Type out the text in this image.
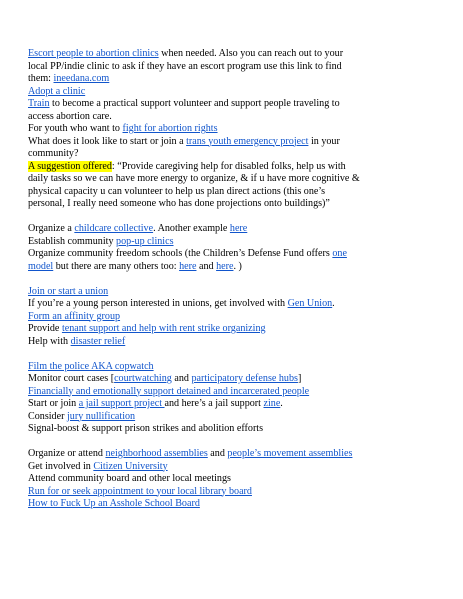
Escort people to abortion clinics when needed. Also you can reach out to your
local PP/indie clinic to ask if they have an escort program use this link to find
them: ineedana.com
Adopt a clinic
Train to become a practical support volunteer and support people traveling to
access abortion care.
For youth who want to fight for abortion rights
What does it look like to start or join a trans youth emergency project in your
community?
A suggestion offered: “Provide caregiving help for disabled folks, help us with
daily tasks so we can have more energy to organize, & if u have more cognitive &
physical capacity u can volunteer to help us plan direct actions (this one’s
personal, I really need someone who has done projections onto buildings)”
Organize a childcare collective. Another example here
Establish community pop-up clinics
Organize community freedom schools (the Children’s Defense Fund offers one
model but there are many others too: here and here. )
Join or start a union
If you’re a young person interested in unions, get involved with Gen Union.
Form an affinity group
Provide tenant support and help with rent strike organizing
Help with disaster relief
Film the police AKA copwatch
Monitor court cases [courtwatching and participatory defense hubs]
Financially and emotionally support detained and incarcerated people
Start or join a jail support project and here’s a jail support zine.
Consider jury nullification
Signal-boost & support prison strikes and abolition efforts
Organize or attend neighborhood assemblies and people’s movement assemblies
Get involved in Citizen University
Attend community board and other local meetings
Run for or seek appointment to your local library board
How to Fuck Up an Asshole School Board
